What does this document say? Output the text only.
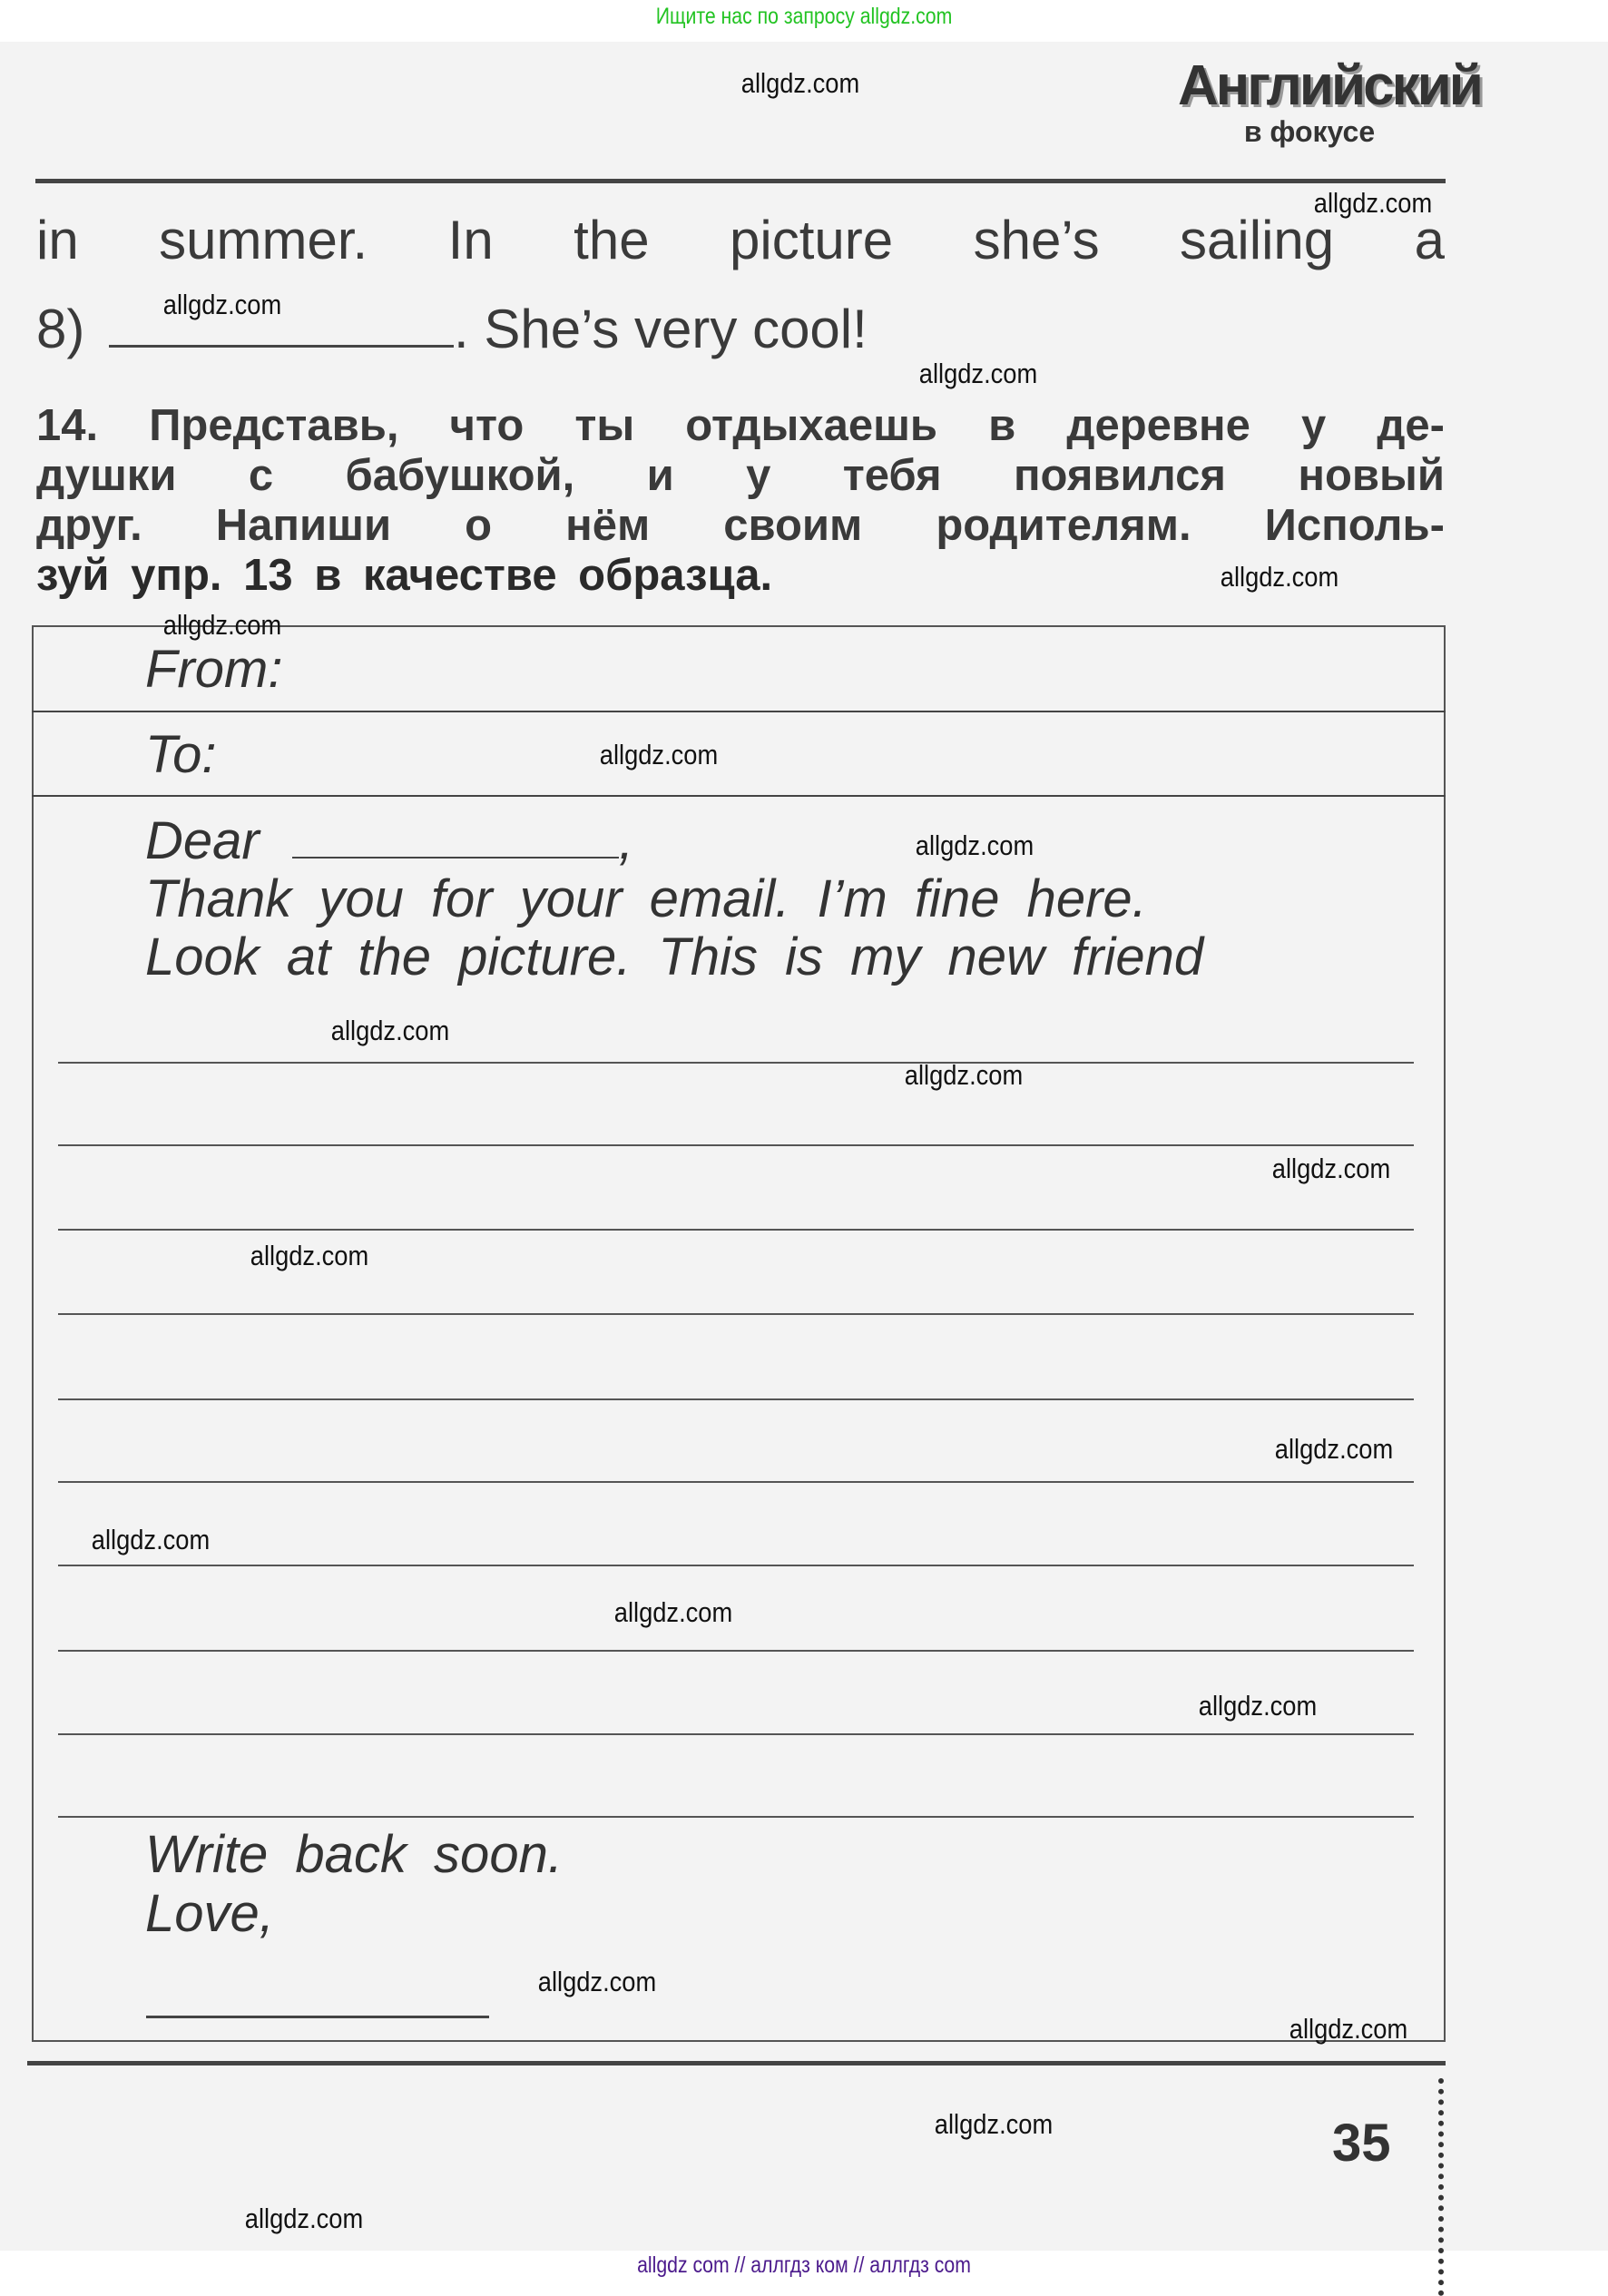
Ищите нас по запросу allgdz.com
Английский
в фокусе
in summer. In the picture she’s sailing a
8)	. She’s very cool!
14. Представь, что ты отдыхаешь в деревне у де-
душки с бабушкой, и у тебя появился новый
друг. Напиши о нём своим родителям. Исполь-
зуй упр. 13 в качестве образца.
From:
To:
Dear	,
Thank you for your email. I’m fine here.
Look at the picture. This is my new friend
Write back soon.
Love,
35
allgdz.com
allgdz.com
allgdz.com
allgdz.com
allgdz.com
allgdz.com
allgdz.com
allgdz.com
allgdz.com
allgdz.com
allgdz.com
allgdz.com
allgdz.com
allgdz.com
allgdz.com
allgdz.com
allgdz.com
allgdz.com
allgdz.com
allgdz.com
allgdz com // аллгдз ком // аллгдз com
